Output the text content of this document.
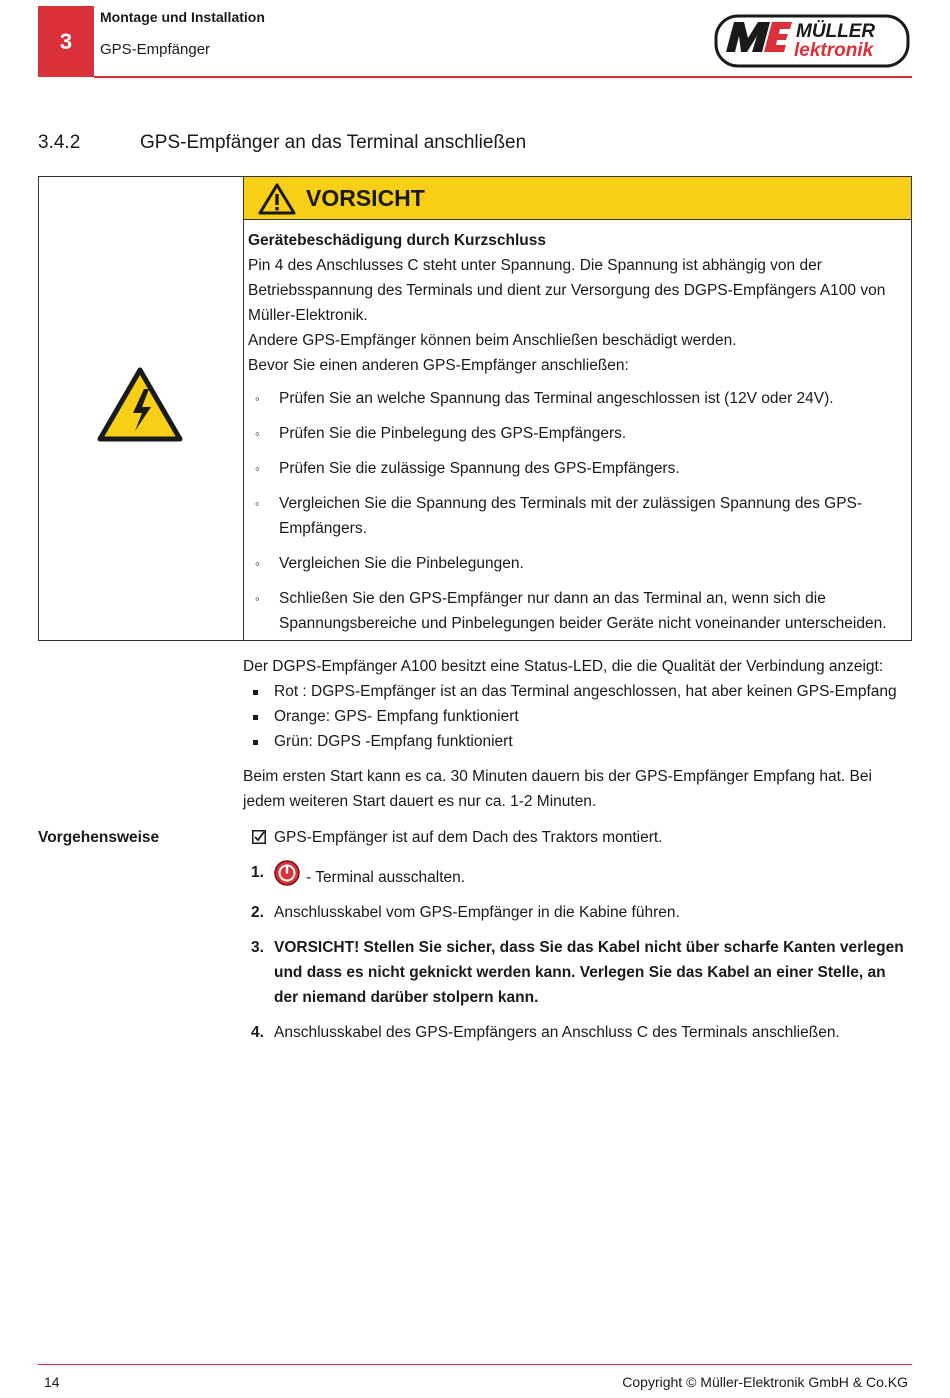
3
Montage und Installation
GPS-Empfänger
MÜLLER
lektronik
3.4.2	GPS-Empfänger an das Terminal anschließen
VORSICHT

Gerätebeschädigung durch Kurzschluss

Pin 4 des Anschlusses C steht unter Spannung. Die Spannung ist abhängig von der Betriebsspannung des Terminals und dient zur Versorgung des DGPS-Empfängers A100 von Müller-Elektronik.

Andere GPS-Empfänger können beim Anschließen beschädigt werden.

Bevor Sie einen anderen GPS-Empfänger anschließen:

◦ Prüfen Sie an welche Spannung das Terminal angeschlossen ist (12V oder 24V).
◦ Prüfen Sie die Pinbelegung des GPS-Empfängers.
◦ Prüfen Sie die zulässige Spannung des GPS-Empfängers.
◦ Vergleichen Sie die Spannung des Terminals mit der zulässigen Spannung des GPS-Empfängers.
◦ Vergleichen Sie die Pinbelegungen.
◦ Schließen Sie den GPS-Empfänger nur dann an das Terminal an, wenn sich die Spannungsbereiche und Pinbelegungen beider Geräte nicht voneinander unterscheiden.

Der DGPS-Empfänger A100 besitzt eine Status-LED, die die Qualität der Verbindung anzeigt:

Rot : DGPS-Empfänger ist an das Terminal angeschlossen, hat aber keinen GPS-Empfang
Orange: GPS- Empfang funktioniert
Grün: DGPS -Empfang funktioniert

Beim ersten Start kann es ca. 30 Minuten dauern bis der GPS-Empfänger Empfang hat. Bei jedem weiteren Start dauert es nur ca. 1-2 Minuten.

Vorgehensweise	GPS-Empfänger ist auf dem Dach des Traktors montiert.
1.	- Terminal ausschalten.
2. Anschlusskabel vom GPS-Empfänger in die Kabine führen.
3. VORSICHT! Stellen Sie sicher, dass Sie das Kabel nicht über scharfe Kanten verlegen und dass es nicht geknickt werden kann. Verlegen Sie das Kabel an einer Stelle, an der niemand darüber stolpern kann.
4. Anschlusskabel des GPS-Empfängers an Anschluss C des Terminals anschließen.
14	Copyright © Müller-Elektronik GmbH & Co.KG
